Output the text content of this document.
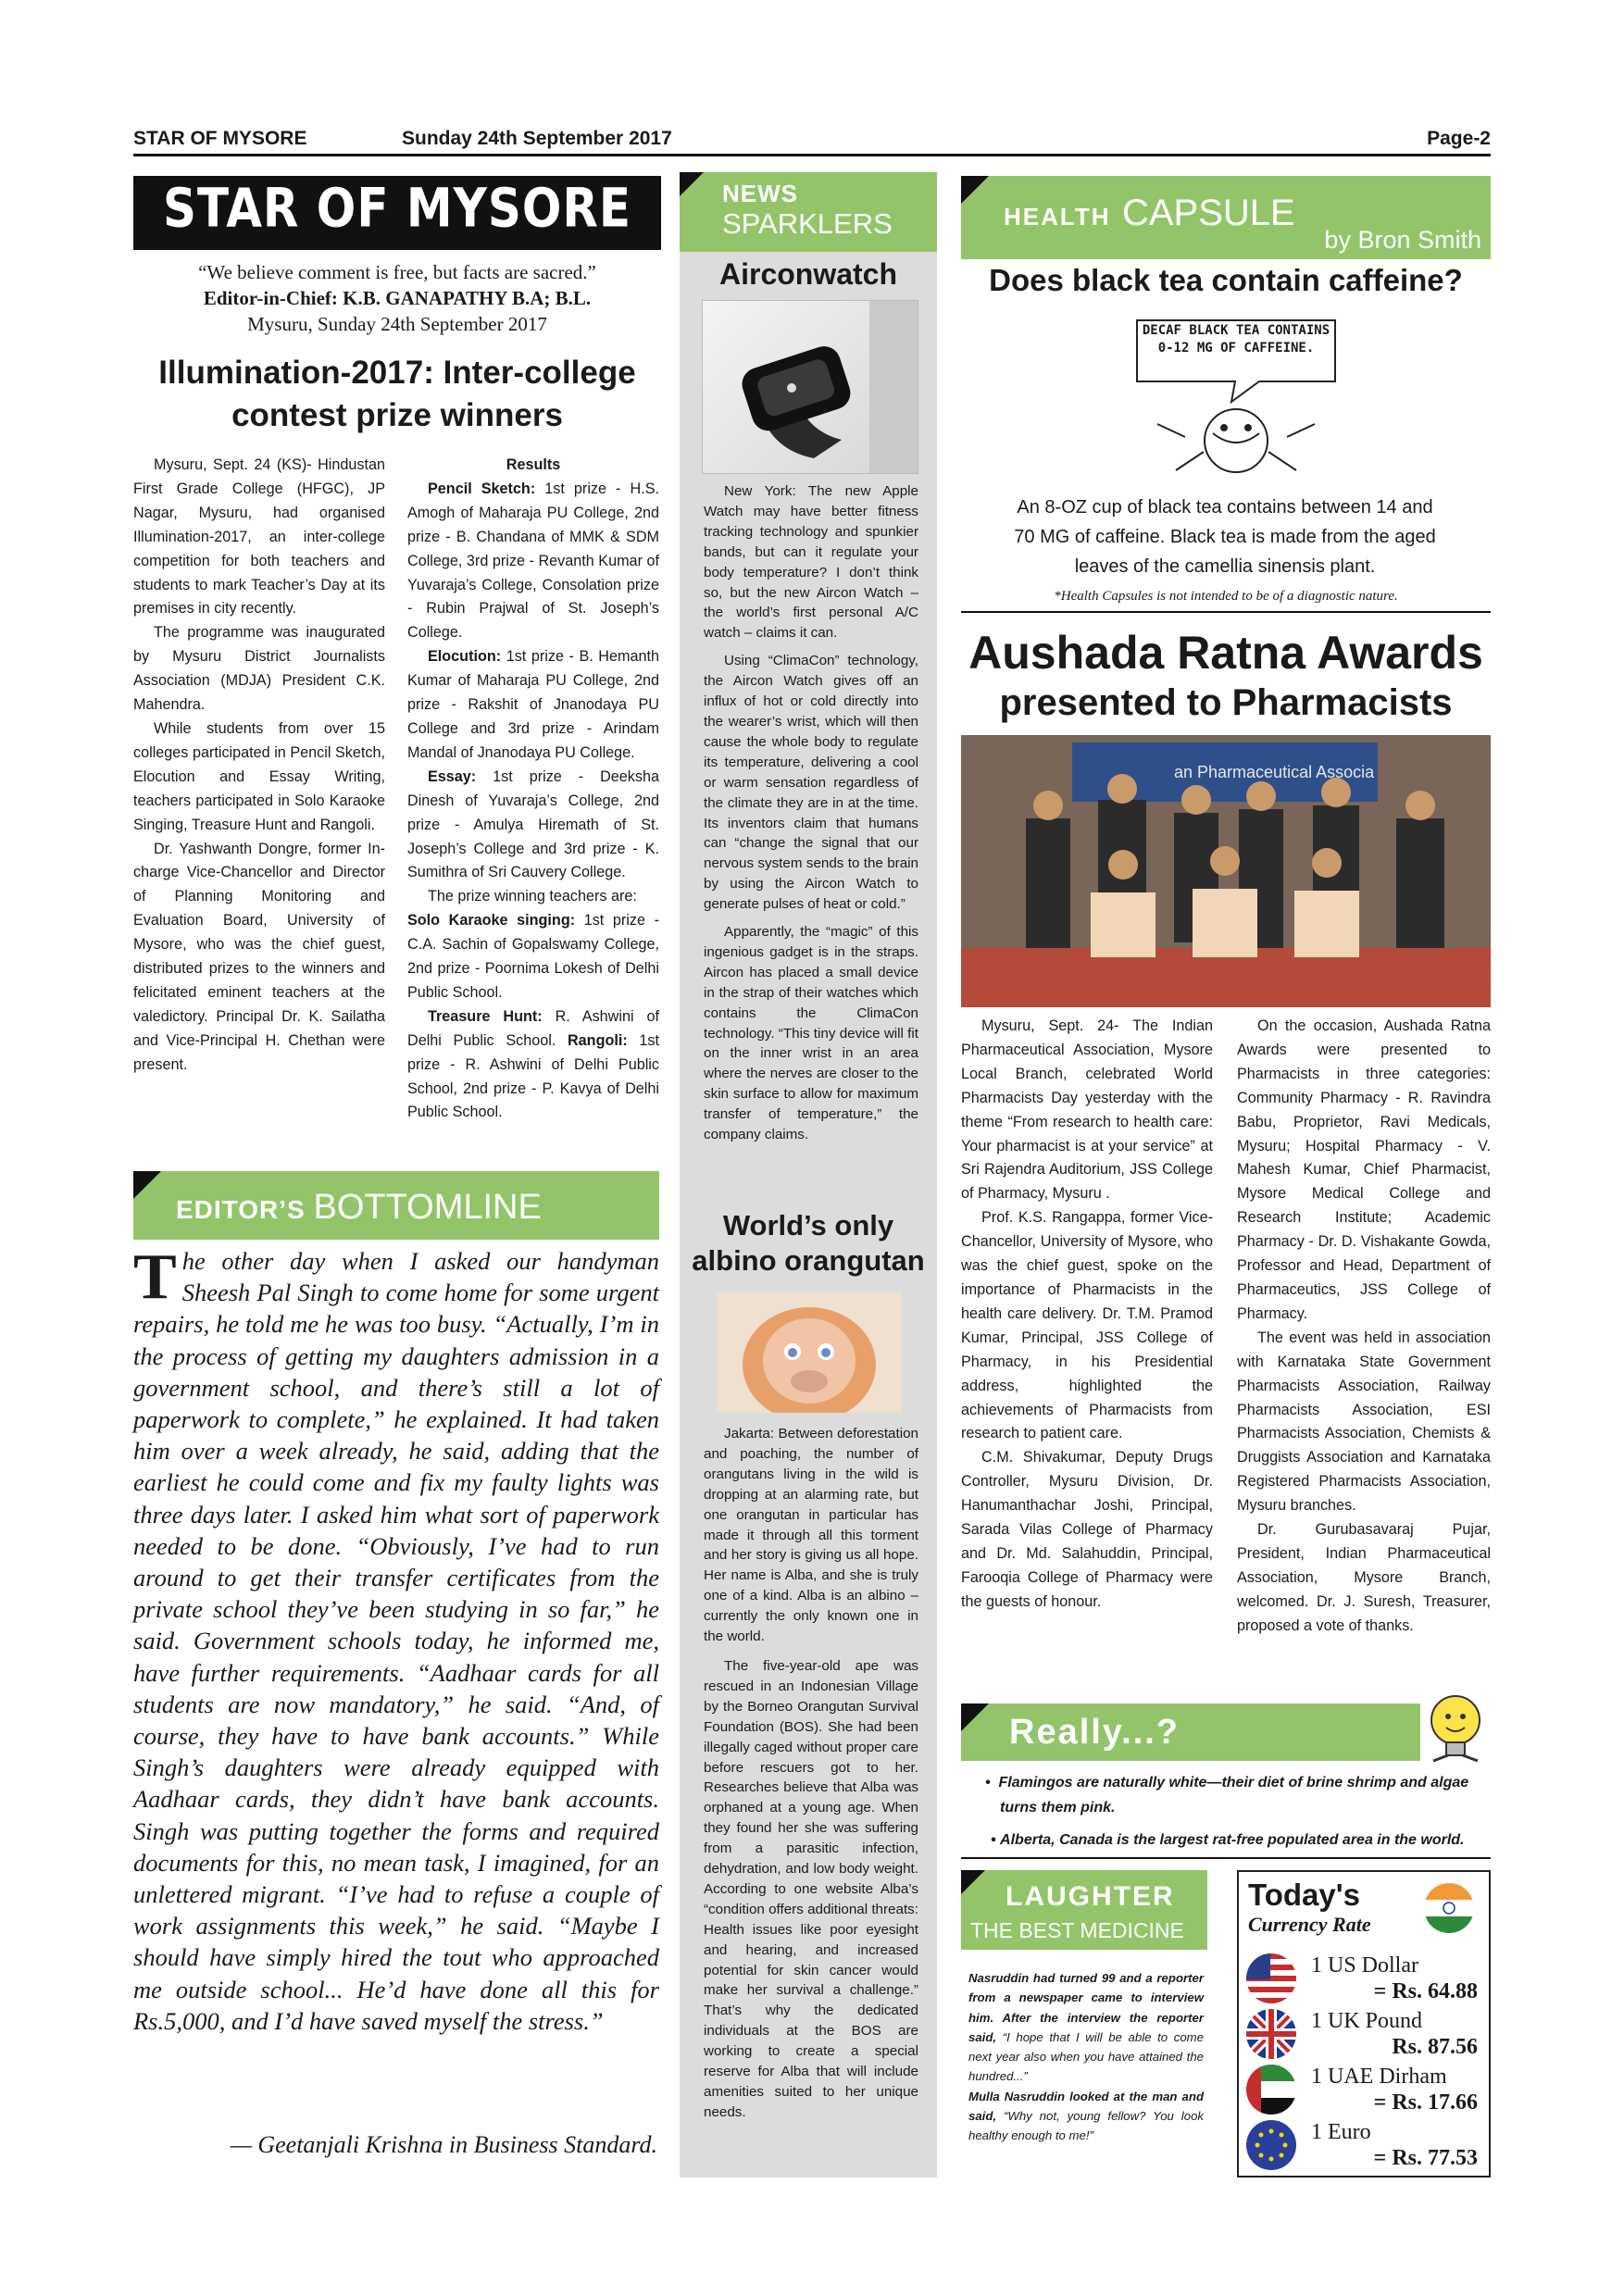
STAR OF MYSORE	Sunday 24th September 2017	Page-2
STAR OF MYSORE
“We believe comment is free, but facts are sacred.”
Editor-in-Chief: K.B. GANAPATHY B.A; B.L.
Mysuru, Sunday 24th September 2017
Illumination-2017: Inter-college
contest prize winners

Mysuru, Sept. 24 (KS)- Hindustan First Grade College (HFGC), JP Nagar, Mysuru, had organised Illumination-2017, an inter-college competition for both teachers and students to mark Teacher’s Day at its premises in city recently.

The programme was inaugurated by Mysuru District Journalists Association (MDJA) President C.K. Mahendra.

While students from over 15 colleges participated in Pencil Sketch, Elocution and Essay Writing, teachers participated in Solo Karaoke Singing, Treasure Hunt and Rangoli.

Dr. Yashwanth Dongre, former In-charge Vice-Chancellor and Director of Planning Monitoring and Evaluation Board, University of Mysore, who was the chief guest, distributed prizes to the winners and felicitated eminent teachers at the valedictory. Principal Dr. K. Sailatha and Vice-Principal H. Chethan were present.

Results

Pencil Sketch: 1st prize - H.S. Amogh of Maharaja PU College, 2nd prize - B. Chandana of MMK & SDM College, 3rd prize - Revanth Kumar of Yuvaraja’s College, Consolation prize - Rubin Prajwal of St. Joseph’s College.

Elocution: 1st prize - B. Hemanth Kumar of Maharaja PU College, 2nd prize - Rakshit of Jnanodaya PU College and 3rd prize - Arindam Mandal of Jnanodaya PU College.

Essay: 1st prize - Deeksha Dinesh of Yuvaraja’s College, 2nd prize - Amulya Hiremath of St. Joseph’s College and 3rd prize - K. Sumithra of Sri Cauvery College.

The prize winning teachers are:

Solo Karaoke singing: 1st prize - C.A. Sachin of Gopalswamy College, 2nd prize - Poornima Lokesh of Delhi Public School.

Treasure Hunt: R. Ashwini of Delhi Public School. Rangoli: 1st prize - R. Ashwini of Delhi Public School, 2nd prize - P. Kavya of Delhi Public School.

EDITOR’S BOTTOMLINE
T he other day when I asked our handyman Sheesh Pal Singh to come home for some urgent repairs, he told me he was too busy. “Actually, I’m in the process of getting my daughters admission in a government school, and there’s still a lot of paperwork to complete,” he explained. It had taken him over a week already, he said, adding that the earliest he could come and fix my faulty lights was three days later. I asked him what sort of paperwork needed to be done. “Obviously, I’ve had to run around to get their transfer certificates from the private school they’ve been studying in so far,” he said. Government schools today, he informed me, have further requirements. “Aadhaar cards for all students are now mandatory,” he said. “And, of course, they have to have bank accounts.” While Singh’s daughters were already equipped with Aadhaar cards, they didn’t have bank accounts. Singh was putting together the forms and required documents for this, no mean task, I imagined, for an unlettered migrant. “I’ve had to refuse a couple of work assignments this week,” he said. “Maybe I should have simply hired the tout who approached me outside school... He’d have done all this for Rs.5,000, and I’d have saved myself the stress.”
— Geetanjali Krishna in Business Standard.
NEWS
SPARKLERS
Airconwatch

New York: The new Apple Watch may have better fitness tracking technology and spunkier bands, but can it regulate your body temperature? I don’t think so, but the new Aircon Watch – the world’s first personal A/C watch – claims it can.

Using “ClimaCon” technology, the Aircon Watch gives off an influx of hot or cold directly into the wearer’s wrist, which will then cause the whole body to regulate its temperature, delivering a cool or warm sensation regardless of the climate they are in at the time. Its inventors claim that humans can “change the signal that our nervous system sends to the brain by using the Aircon Watch to generate pulses of heat or cold.”

Apparently, the “magic” of this ingenious gadget is in the straps. Aircon has placed a small device in the strap of their watches which contains the ClimaCon technology. “This tiny device will fit on the inner wrist in an area where the nerves are closer to the skin surface to allow for maximum transfer of temperature,” the company claims.

World’s only
albino orangutan

Jakarta: Between deforestation and poaching, the number of orangutans living in the wild is dropping at an alarming rate, but one orangutan in particular has made it through all this torment and her story is giving us all hope. Her name is Alba, and she is truly one of a kind. Alba is an albino – currently the only known one in the world.

The five-year-old ape was rescued in an Indonesian Village by the Borneo Orangutan Survival Foundation (BOS). She had been illegally caged without proper care before rescuers got to her. Researches believe that Alba was orphaned at a young age. When they found her she was suffering from a parasitic infection, dehydration, and low body weight. According to one website Alba’s “condition offers additional threats: Health issues like poor eyesight and hearing, and increased potential for skin cancer would make her survival a challenge.” That’s why the dedicated individuals at the BOS are working to create a special reserve for Alba that will include amenities suited to her unique needs.

HEALTH CAPSULE
by Bron Smith
Does black tea contain caffeine?
DECAF BLACK TEA CONTAINS 0-12 MG OF CAFFEINE.
An 8-OZ cup of black tea contains between 14 and 70 MG of caffeine. Black tea is made from the aged leaves of the camellia sinensis plant.
*Health Capsules is not intended to be of a diagnostic nature.
Aushada Ratna Awards
presented to Pharmacists
an Pharmaceutical Associa

Mysuru, Sept. 24- The Indian Pharmaceutical Association, Mysore Local Branch, celebrated World Pharmacists Day yesterday with the theme “From research to health care: Your pharmacist is at your service” at Sri Rajendra Auditorium, JSS College of Pharmacy, Mysuru .

Prof. K.S. Rangappa, former Vice-Chancellor, University of Mysore, who was the chief guest, spoke on the importance of Pharmacists in the health care delivery. Dr. T.M. Pramod Kumar, Principal, JSS College of Pharmacy, in his Presidential address, highlighted the achievements of Pharmacists from research to patient care.

C.M. Shivakumar, Deputy Drugs Controller, Mysuru Division, Dr. Hanumanthachar Joshi, Principal, Sarada Vilas College of Pharmacy and Dr. Md. Salahuddin, Principal, Farooqia College of Pharmacy were the guests of honour.

On the occasion, Aushada Ratna Awards were presented to Pharmacists in three categories: Community Pharmacy - R. Ravindra Babu, Proprietor, Ravi Medicals, Mysuru; Hospital Pharmacy - V. Mahesh Kumar, Chief Pharmacist, Mysore Medical College and Research Institute; Academic Pharmacy - Dr. D. Vishakante Gowda, Professor and Head, Department of Pharmaceutics, JSS College of Pharmacy.

The event was held in association with Karnataka State Government Pharmacists Association, Railway Pharmacists Association, ESI Pharmacists Association, Chemists & Druggists Association and Karnataka Registered Pharmacists Association, Mysuru branches.

Dr. Gurubasavaraj Pujar, President, Indian Pharmaceutical Association, Mysore Branch, welcomed. Dr. J. Suresh, Treasurer, proposed a vote of thanks.

Really...?
•  Flamingos are naturally white—their diet of brine shrimp and algae turns them pink.
• Alberta, Canada is the largest rat-free populated area in the world.
LAUGHTER
THE BEST MEDICINE
Nasruddin had turned 99 and a reporter from a newspaper came to interview him. After the interview the reporter said, “I hope that I will be able to come next year also when you have attained the hundred...”
Mulla Nasruddin looked at the man and said, “Why not, young fellow? You look healthy enough to me!”
Today's
Currency Rate
1 US Dollar
= Rs. 64.88
1 UK Pound
Rs. 87.56
1 UAE Dirham
= Rs. 17.66
1 Euro
= Rs. 77.53
